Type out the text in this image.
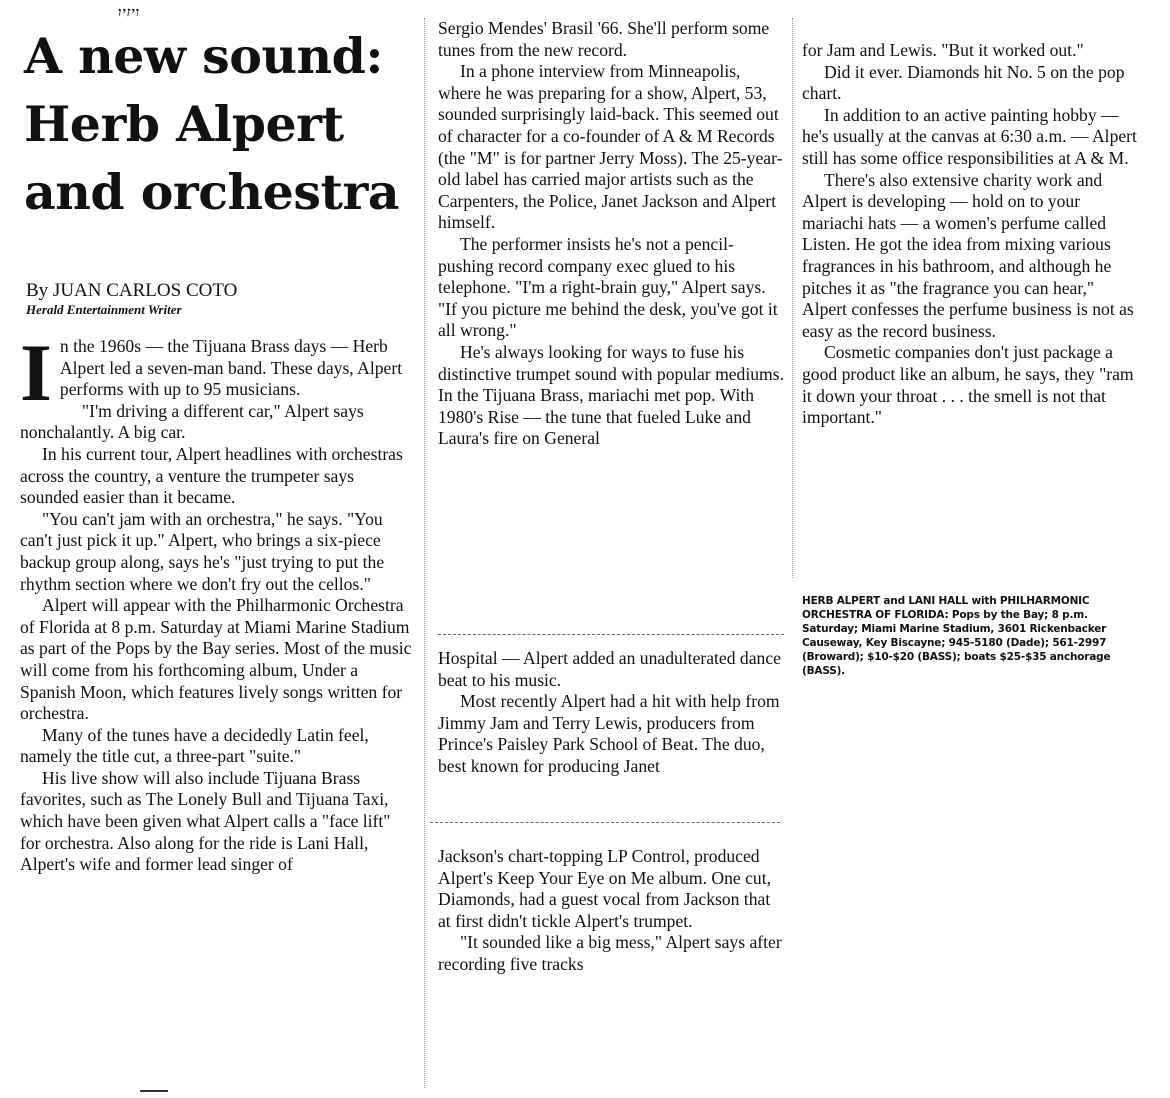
ויזיו
A new sound: Herb Alpert and orchestra
By JUAN CARLOS COTO
Herald Entertainment Writer

In the 1960s — the Tijuana Brass days — Herb Alpert led a seven-man band. These days, Alpert performs with up to 95 musicians.

"I'm driving a different car," Alpert says nonchalantly. A big car.

In his current tour, Alpert headlines with orchestras across the country, a venture the trumpeter says sounded easier than it became.

"You can't jam with an orchestra," he says. "You can't just pick it up." Alpert, who brings a six-piece backup group along, says he's "just trying to put the rhythm section where we don't fry out the cellos."

Alpert will appear with the Philharmonic Orchestra of Florida at 8 p.m. Saturday at Miami Marine Stadium as part of the Pops by the Bay series. Most of the music will come from his forthcoming album, Under a Spanish Moon, which features lively songs written for orchestra.

Many of the tunes have a decidedly Latin feel, namely the title cut, a three-part "suite."

His live show will also include Tijuana Brass favorites, such as The Lonely Bull and Tijuana Taxi, which have been given what Alpert calls a "face lift" for orchestra. Also along for the ride is Lani Hall, Alpert's wife and former lead singer of

Sergio Mendes' Brasil '66. She'll perform some tunes from the new record.

In a phone interview from Minneapolis, where he was preparing for a show, Alpert, 53, sounded surprisingly laid-back. This seemed out of character for a co-founder of A & M Records (the "M" is for partner Jerry Moss). The 25-year-old label has carried major artists such as the Carpenters, the Police, Janet Jackson and Alpert himself.

The performer insists he's not a pencil-pushing record company exec glued to his telephone. "I'm a right-brain guy," Alpert says. "If you picture me behind the desk, you've got it all wrong."

He's always looking for ways to fuse his distinctive trumpet sound with popular mediums. In the Tijuana Brass, mariachi met pop. With 1980's Rise — the tune that fueled Luke and Laura's fire on General

Hospital — Alpert added an unadulterated dance beat to his music.

Most recently Alpert had a hit with help from Jimmy Jam and Terry Lewis, producers from Prince's Paisley Park School of Beat. The duo, best known for producing Janet

Jackson's chart-topping LP Control, produced Alpert's Keep Your Eye on Me album. One cut, Diamonds, had a guest vocal from Jackson that at first didn't tickle Alpert's trumpet.

"It sounded like a big mess," Alpert says after recording five tracks

for Jam and Lewis. "But it worked out."

Did it ever. Diamonds hit No. 5 on the pop chart.

In addition to an active painting hobby — he's usually at the canvas at 6:30 a.m. — Alpert still has some office responsibilities at A & M.

There's also extensive charity work and Alpert is developing — hold on to your mariachi hats — a women's perfume called Listen. He got the idea from mixing various fragrances in his bathroom, and although he pitches it as "the fragrance you can hear," Alpert confesses the perfume business is not as easy as the record business.

Cosmetic companies don't just package a good product like an album, he says, they "ram it down your throat . . . the smell is not that important."

HERB ALPERT and LANI HALL with PHILHARMONIC ORCHESTRA OF FLORIDA: Pops by the Bay; 8 p.m. Saturday; Miami Marine Stadium, 3601 Rickenbacker Causeway, Key Biscayne; 945-5180 (Dade); 561-2997 (Broward); $10-$20 (BASS); boats $25-$35 anchorage (BASS).
